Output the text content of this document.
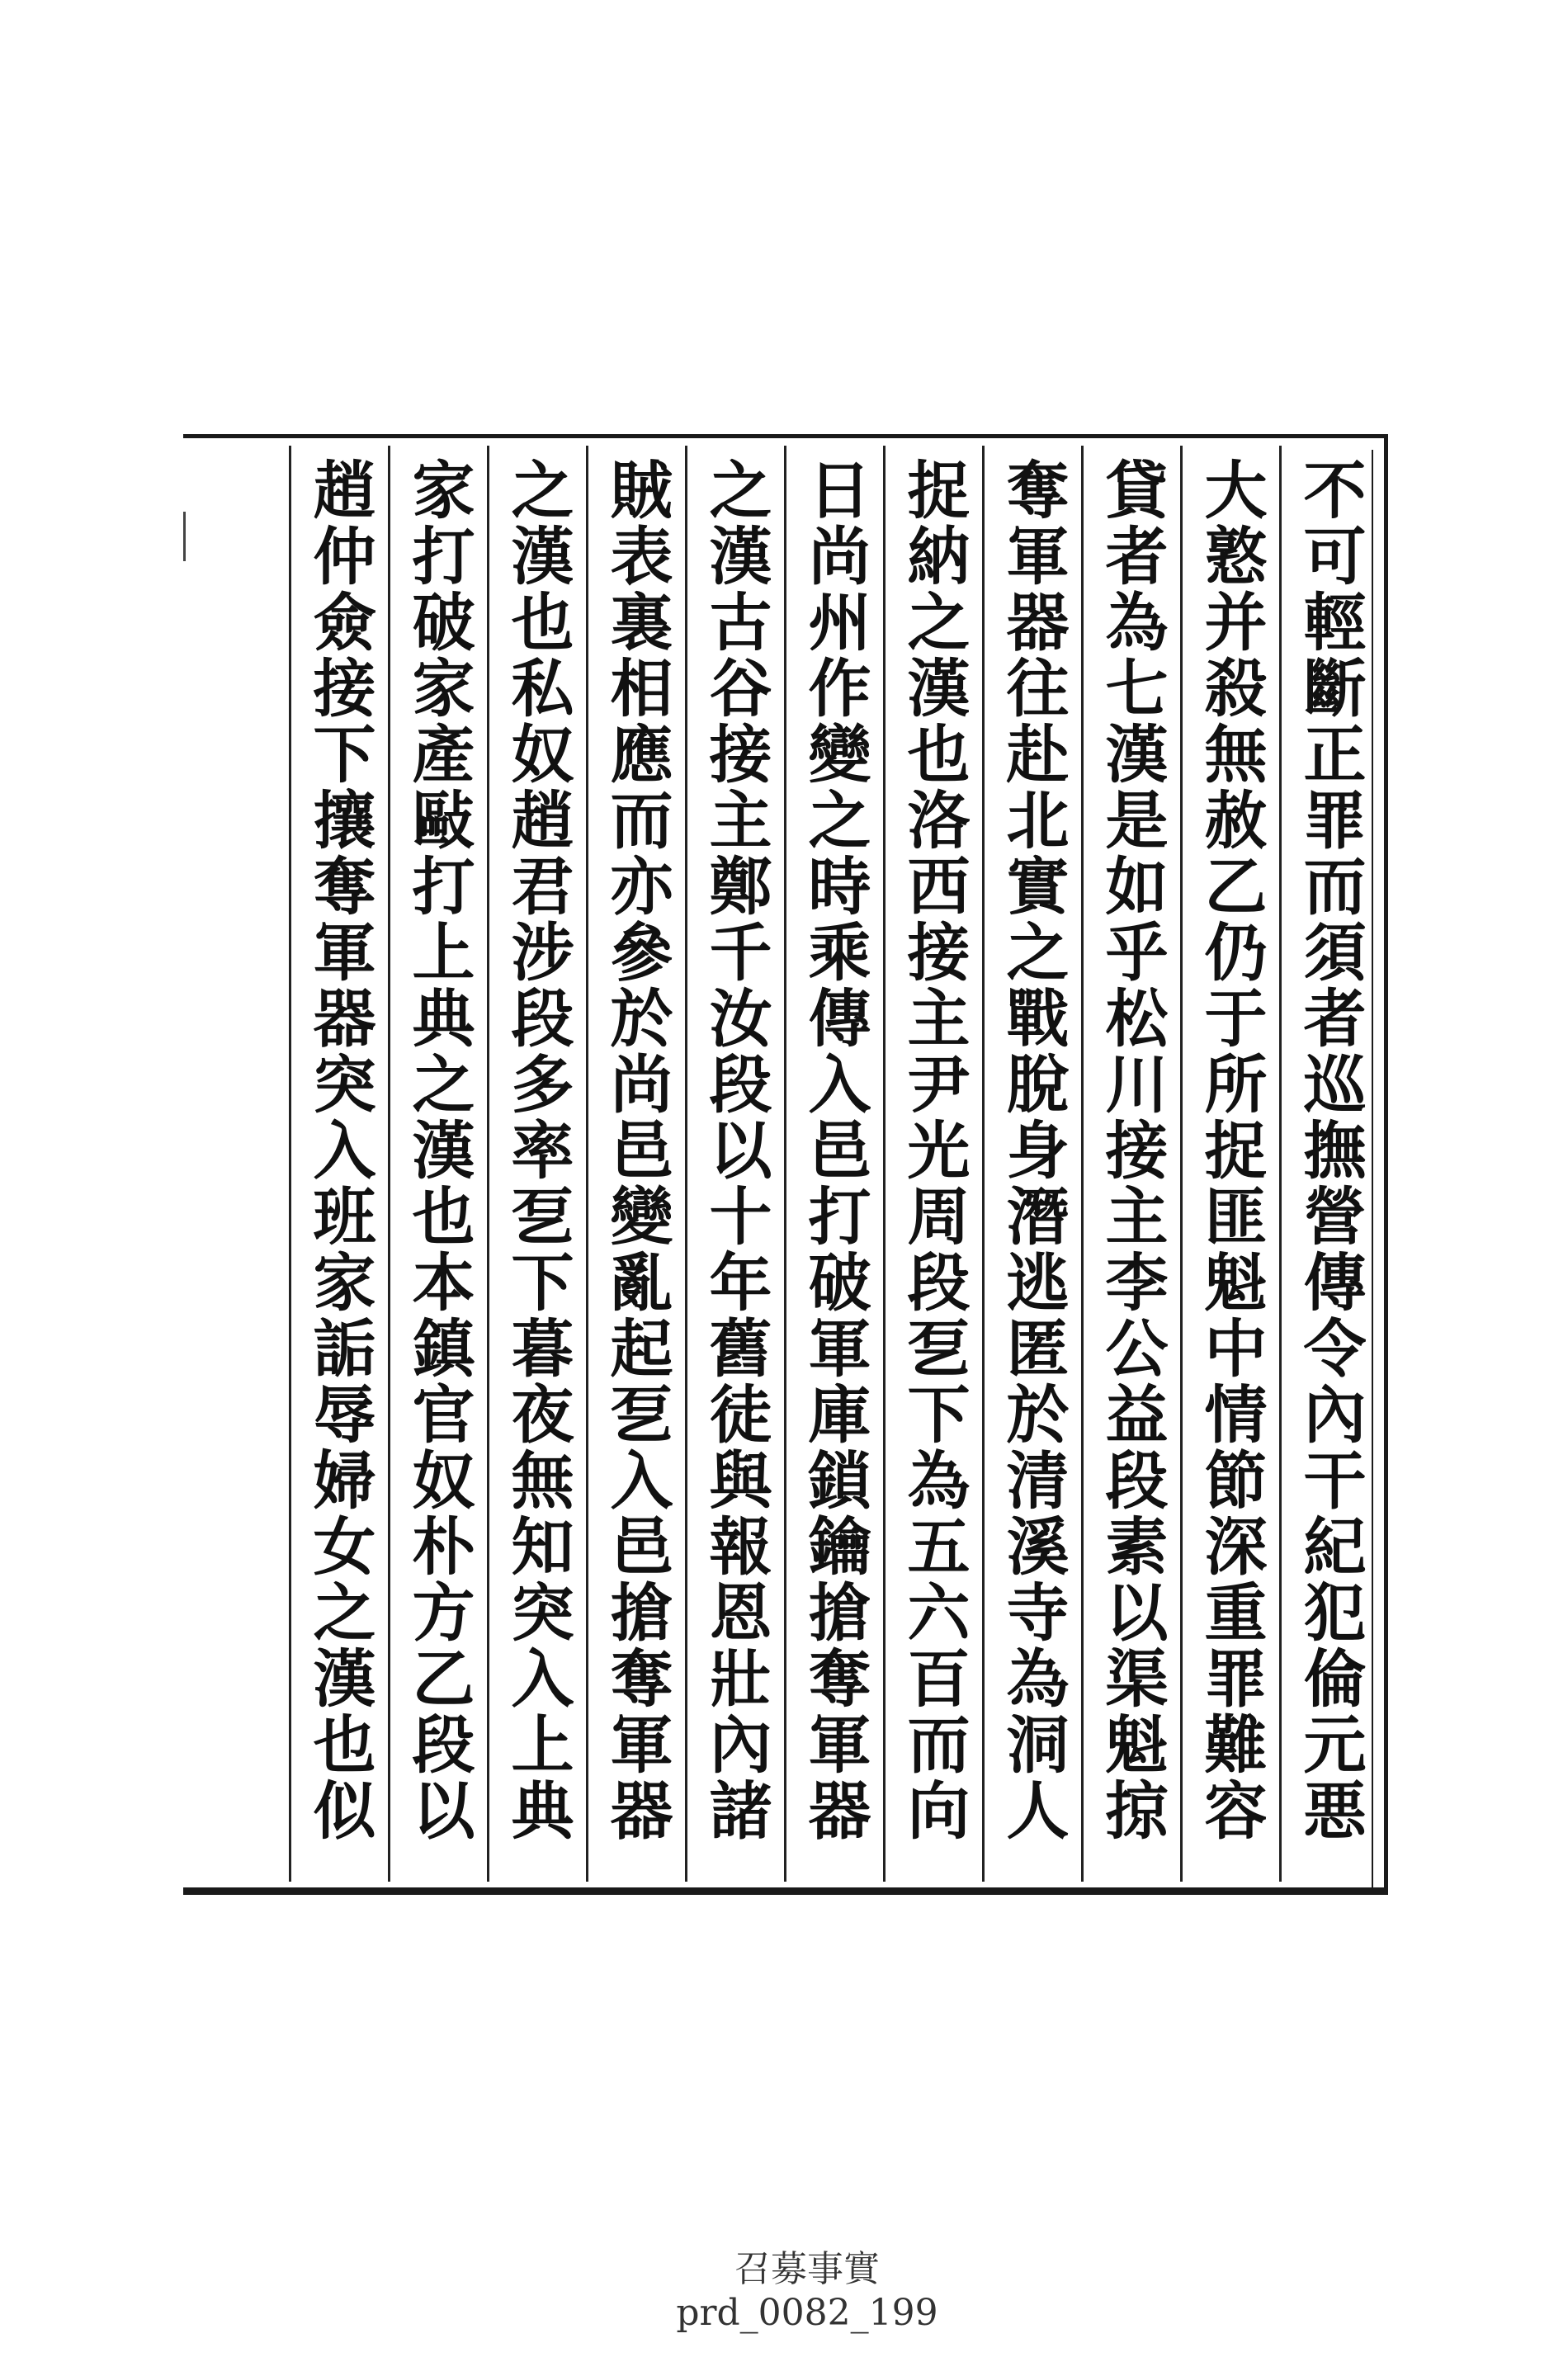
不可輕斷正罪而須者巡撫營傳令內干紀犯倫元悪
大憝并殺無赦乙仍于所捉匪魁中情節深重罪難容
貸者為七漢是如乎松川接主李公益段素以渠魁掠
奪軍器往赴北實之戰脫身潛逃匿於清溪寺為洞人
捉納之漢也洛西接主尹光周段乭下為五六百而向
日尚州作變之時乘傳入邑打破軍庫鎖鑰搶奪軍器
之漢古谷接主鄭千汝段以十年舊徒與報恩壯內諸
賊表裏相應而亦參於尚邑變亂起乭入邑搶奪軍器
之漢也私奴趙君涉段多率乭下暮夜無知突入上典
家打破家產敺打上典之漢也本鎮官奴朴方乙段以
趙仲僉接下攘奪軍器突入班家詬辱婦女之漢也似

召募事實
prd_0082_199
